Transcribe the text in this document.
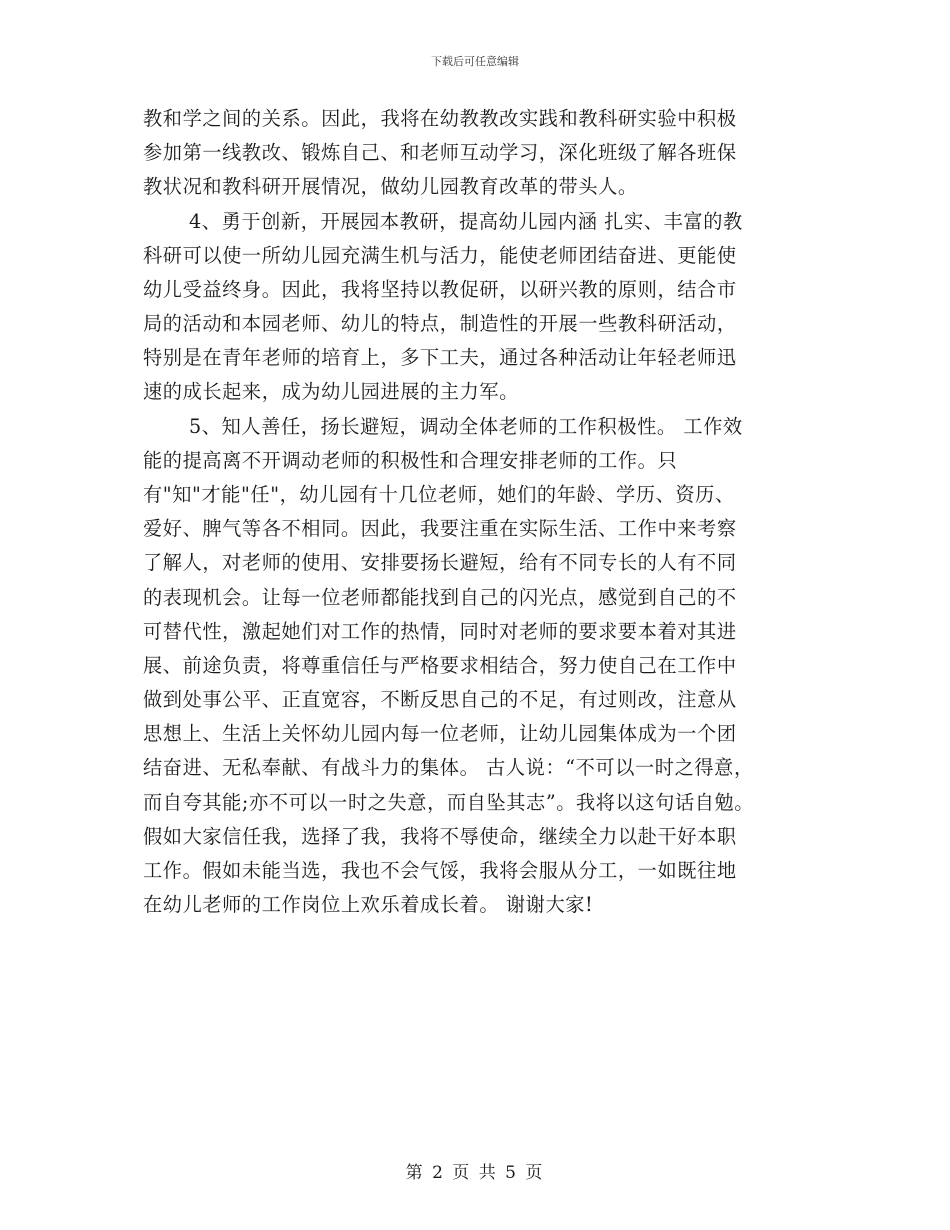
下载后可任意编辑
教和学之间的关系。因此，我将在幼教教改实践和教科研实验中积极
参加第一线教改、锻炼自己、和老师互动学习，深化班级了解各班保
教状况和教科研开展情况，做幼儿园教育改革的带头人。
4、勇于创新，开展园本教研，提高幼儿园内涵 扎实、丰富的教
科研可以使一所幼儿园充满生机与活力，能使老师团结奋进、更能使
幼儿受益终身。因此，我将坚持以教促研，以研兴教的原则，结合市
局的活动和本园老师、幼儿的特点，制造性的开展一些教科研活动，
特别是在青年老师的培育上，多下工夫，通过各种活动让年轻老师迅
速的成长起来，成为幼儿园进展的主力军。
5、知人善任，扬长避短，调动全体老师的工作积极性。 工作效
能的提高离不开调动老师的积极性和合理安排老师的工作。只
有"知"才能"任"，幼儿园有十几位老师，她们的年龄、学历、资历、
爱好、脾气等各不相同。因此，我要注重在实际生活、工作中来考察
了解人，对老师的使用、安排要扬长避短，给有不同专长的人有不同
的表现机会。让每一位老师都能找到自己的闪光点，感觉到自己的不
可替代性，激起她们对工作的热情，同时对老师的要求要本着对其进
展、前途负责，将尊重信任与严格要求相结合，努力使自己在工作中
做到处事公平、正直宽容，不断反思自己的不足，有过则改，注意从
思想上、生活上关怀幼儿园内每一位老师，让幼儿园集体成为一个团
结奋进、无私奉献、有战斗力的集体。 古人说：“不可以一时之得意，
而自夸其能;亦不可以一时之失意，而自坠其志”。我将以这句话自勉。
假如大家信任我，选择了我，我将不辱使命，继续全力以赴干好本职
工作。假如未能当选，我也不会气馁，我将会服从分工，一如既往地
在幼儿老师的工作岗位上欢乐着成长着。 谢谢大家!
第 2 页 共 5 页
